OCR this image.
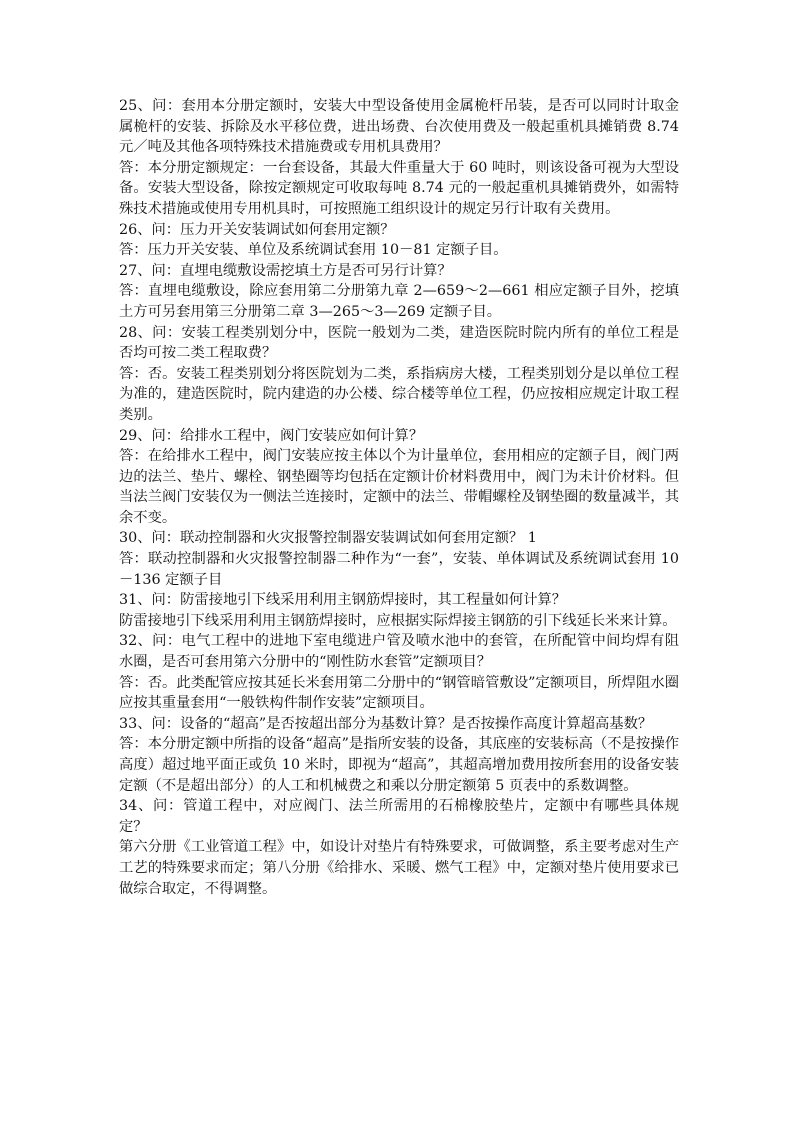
25、问：套用本分册定额时，安装大中型设备使用金属桅杆吊装，是否可以同时计取金属桅杆的安装、拆除及水平移位费，进出场费、台次使用费及一般起重机具摊销费 8.74 元／吨及其他各项特殊技术措施费或专用机具费用？

答：本分册定额规定：一台套设备，其最大件重量大于 60 吨时，则该设备可视为大型设备。安装大型设备，除按定额规定可收取每吨 8.74 元的一般起重机具摊销费外，如需特殊技术措施或使用专用机具时，可按照施工组织设计的规定另行计取有关费用。

26、问：压力开关安装调试如何套用定额？

答：压力开关安装、单位及系统调试套用 10－81 定额子目。

27、问：直埋电缆敷设需挖填土方是否可另行计算？

答：直埋电缆敷设，除应套用第二分册第九章 2—659～2—661 相应定额子目外，挖填土方可另套用第三分册第二章 3—265～3—269 定额子目。

28、问：安装工程类别划分中，医院一般划为二类，建造医院时院内所有的单位工程是否均可按二类工程取费？

答：否。安装工程类别划分将医院划为二类，系指病房大楼，工程类别划分是以单位工程为准的，建造医院时，院内建造的办公楼、综合楼等单位工程，仍应按相应规定计取工程类别。

29、问：给排水工程中，阀门安装应如何计算？

答：在给排水工程中，阀门安装应按主体以个为计量单位，套用相应的定额子目，阀门两边的法兰、垫片、螺栓、钢垫圈等均包括在定额计价材料费用中，阀门为未计价材料。但当法兰阀门安装仅为一侧法兰连接时，定额中的法兰、带帽螺栓及钢垫圈的数量减半，其余不变。

30、问：联动控制器和火灾报警控制器安装调试如何套用定额？ 1

答：联动控制器和火灾报警控制器二种作为“一套”，安装、单体调试及系统调试套用 10－136 定额子目

31、问：防雷接地引下线采用利用主钢筋焊接时，其工程量如何计算？

防雷接地引下线采用利用主钢筋焊接时，应根据实际焊接主钢筋的引下线延长米来计算。

32、问：电气工程中的进地下室电缆进户管及喷水池中的套管，在所配管中间均焊有阻水圈，是否可套用第六分册中的“刚性防水套管”定额项目？

答：否。此类配管应按其延长米套用第二分册中的“钢管暗管敷设”定额项目，所焊阻水圈应按其重量套用“一般铁构件制作安装”定额项目。

33、问：设备的“超高”是否按超出部分为基数计算？是否按操作高度计算超高基数？

答：本分册定额中所指的设备“超高”是指所安装的设备，其底座的安装标高（不是按操作高度）超过地平面正或负 10 米时，即视为“超高”，其超高增加费用按所套用的设备安装定额（不是超出部分）的人工和机械费之和乘以分册定额第 5 页表中的系数调整。

34、问：管道工程中，对应阀门、法兰所需用的石棉橡胶垫片，定额中有哪些具体规定？

第六分册《工业管道工程》中，如设计对垫片有特殊要求，可做调整，系主要考虑对生产工艺的特殊要求而定；第八分册《给排水、采暖、燃气工程》中，定额对垫片使用要求已做综合取定，不得调整。
